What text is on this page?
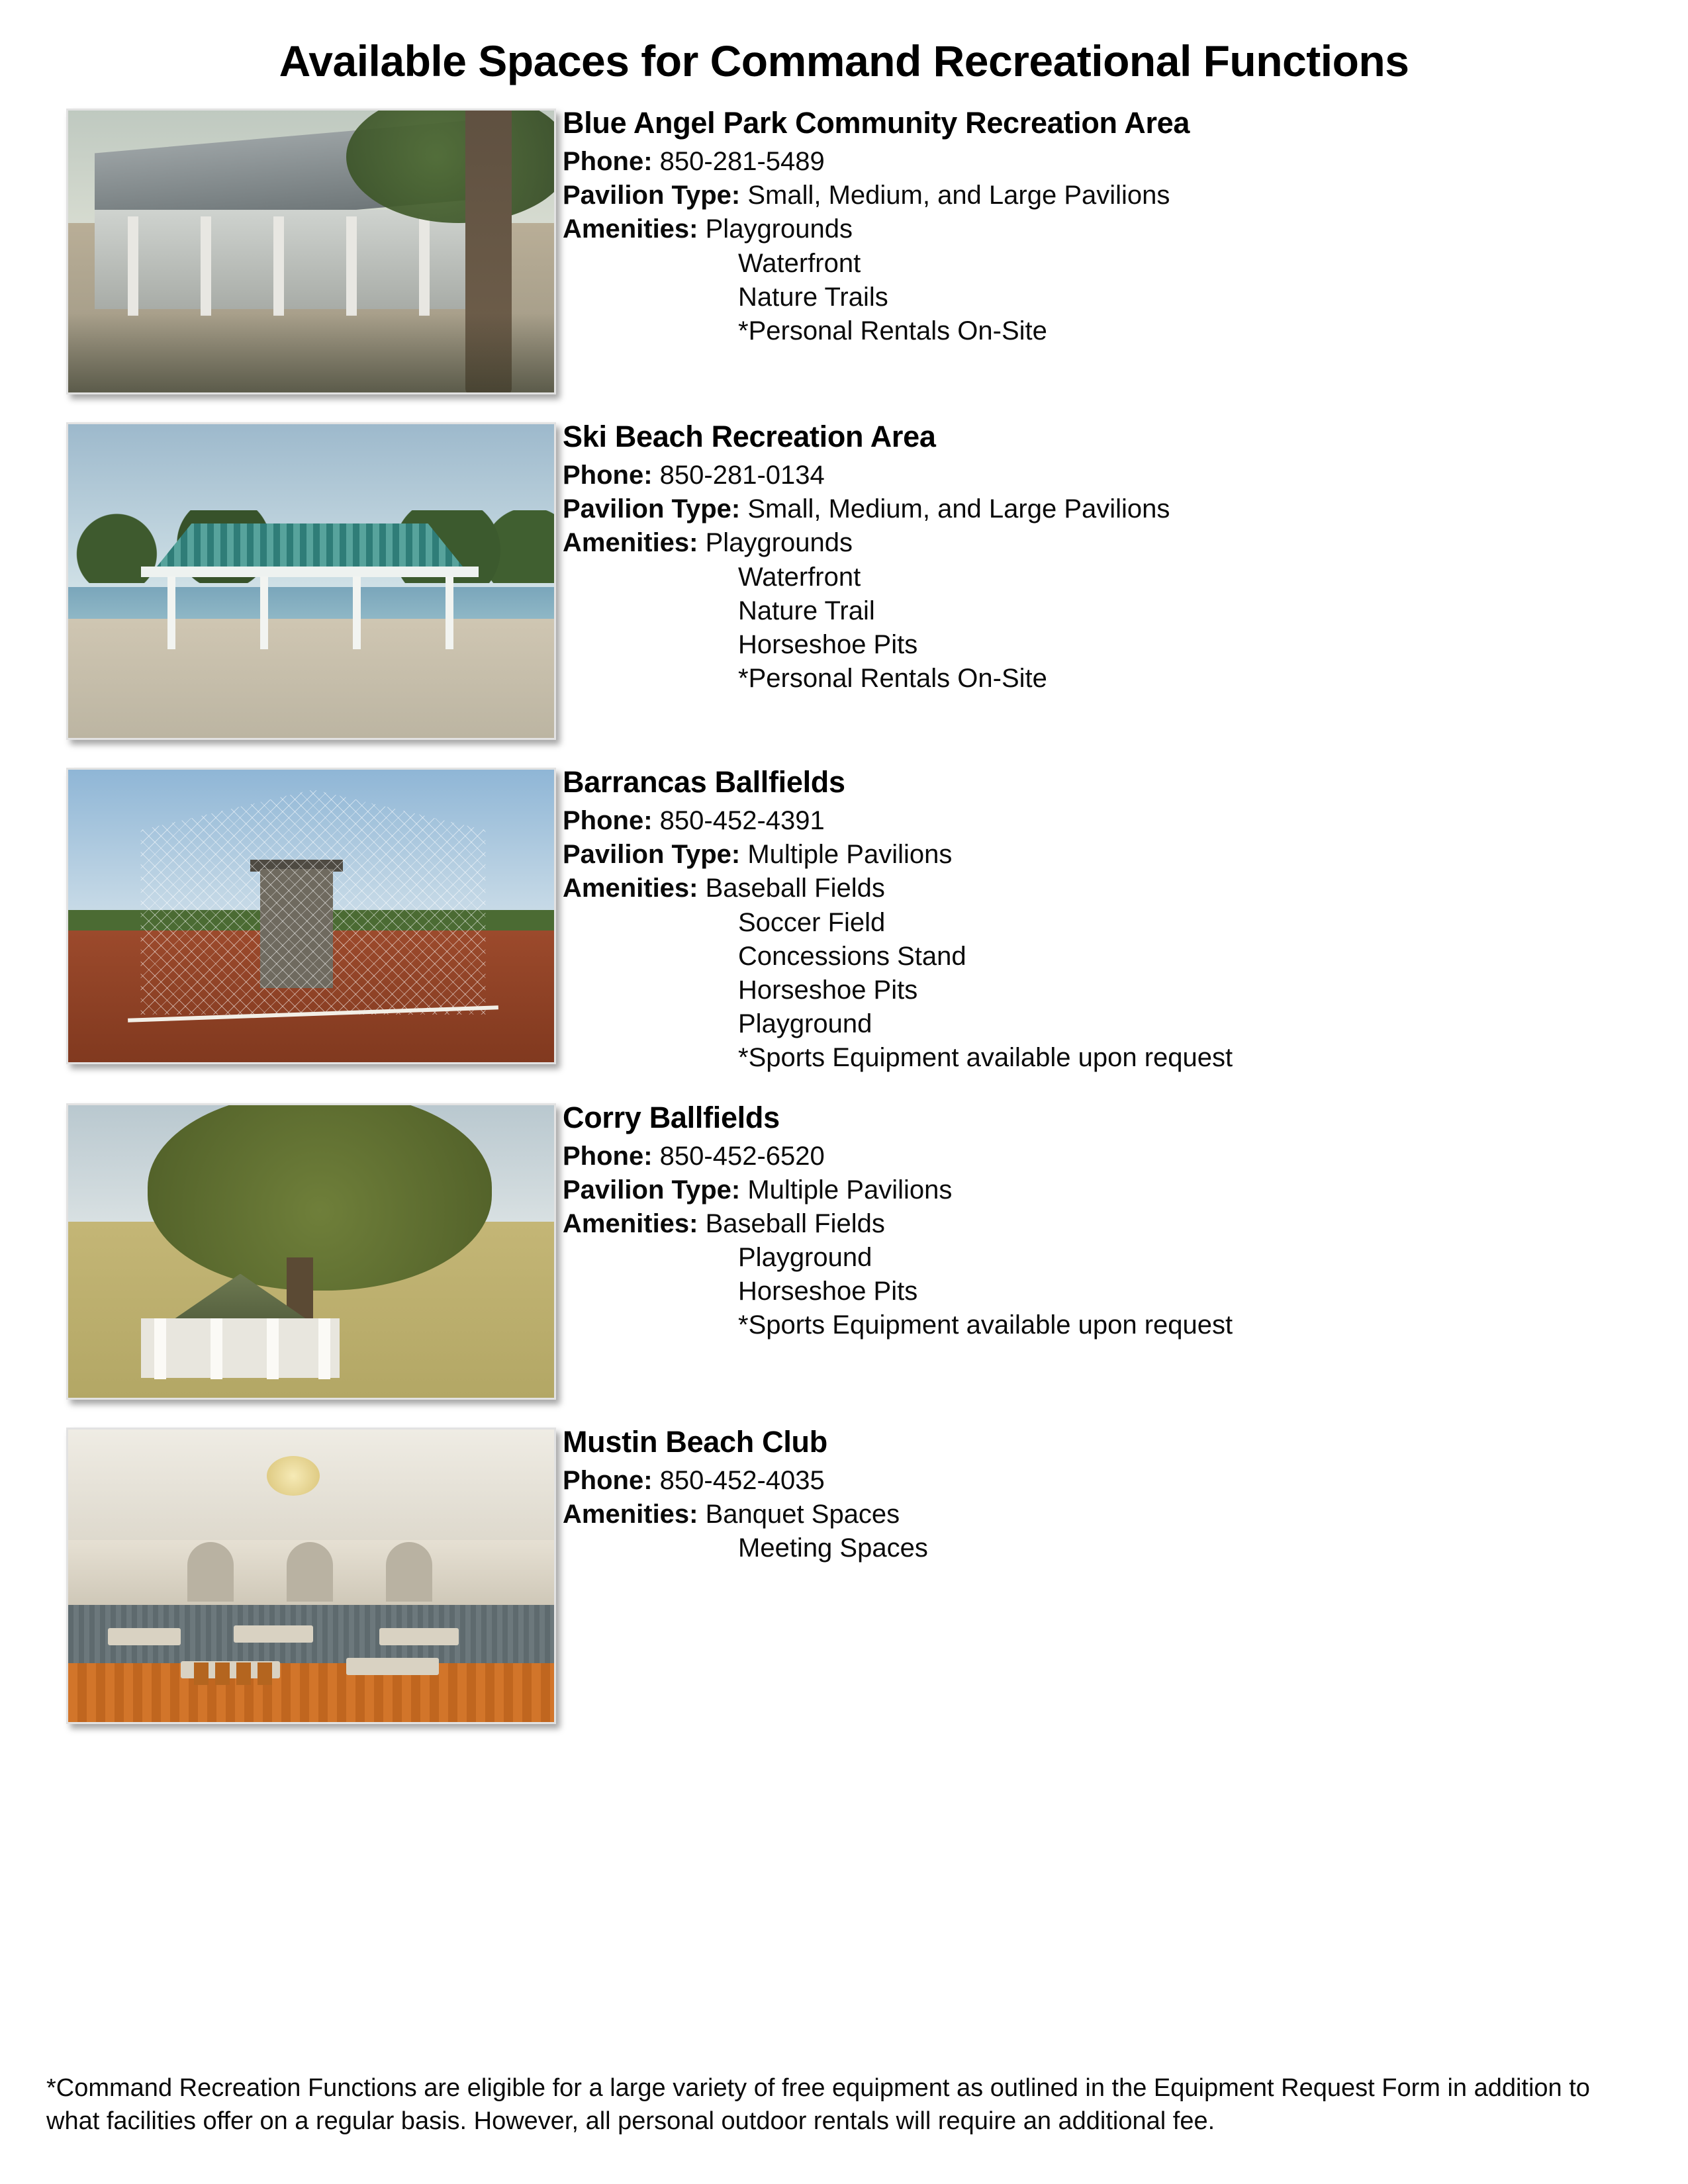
Available Spaces for Command Recreational Functions
Blue Angel Park Community Recreation Area
Phone: 850-281-5489
Pavilion Type: Small, Medium, and Large Pavilions
Amenities: Playgrounds
Waterfront
Nature Trails
*Personal Rentals On-Site
Ski Beach Recreation Area
Phone: 850-281-0134
Pavilion Type: Small, Medium, and Large Pavilions
Amenities: Playgrounds
Waterfront
Nature Trail
Horseshoe Pits
*Personal Rentals On-Site
Barrancas Ballfields
Phone: 850-452-4391
Pavilion Type: Multiple Pavilions
Amenities: Baseball Fields
Soccer Field
Concessions Stand
Horseshoe Pits
Playground
*Sports Equipment available upon request
Corry Ballfields
Phone: 850-452-6520
Pavilion Type: Multiple Pavilions
Amenities: Baseball Fields
Playground
Horseshoe Pits
*Sports Equipment available upon request
Mustin Beach Club
Phone: 850-452-4035
Amenities: Banquet Spaces
Meeting Spaces
*Command Recreation Functions are eligible for a large variety of free equipment as outlined in the Equipment Request Form in addition to what facilities offer on a regular basis. However, all personal outdoor rentals will require an additional fee.
